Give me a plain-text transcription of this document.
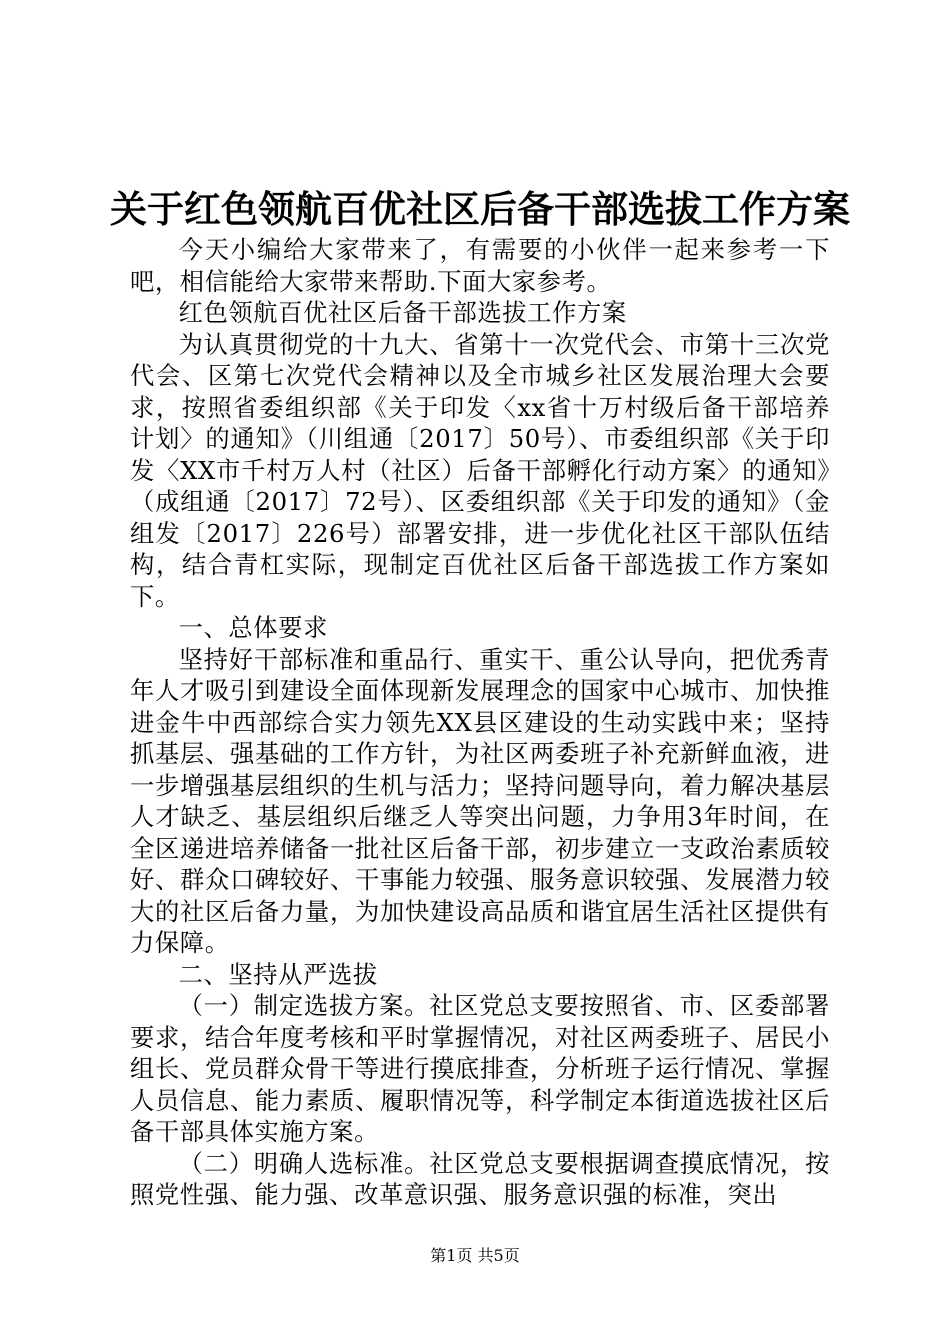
关于红色领航百优社区后备干部选拔工作方案

今天小编给大家带来了，有需要的小伙伴一起来参考一下吧，相信能给大家带来帮助.下面大家参考。

红色领航百优社区后备干部选拔工作方案

为认真贯彻党的十九大、省第十一次党代会、市第十三次党代会、区第七次党代会精神以及全市城乡社区发展治理大会要求，按照省委组织部《关于印发〈xx省十万村级后备干部培养计划〉的通知》（川组通〔2017〕50号）、市委组织部《关于印发〈XX市千村万人村（社区）后备干部孵化行动方案〉的通知》（成组通〔2017〕72号）、区委组织部《关于印发的通知》（金组发〔2017〕226号）部署安排，进一步优化社区干部队伍结构，结合青杠实际，现制定百优社区后备干部选拔工作方案如下。

一、总体要求

坚持好干部标准和重品行、重实干、重公认导向，把优秀青年人才吸引到建设全面体现新发展理念的国家中心城市、加快推进金牛中西部综合实力领先XX县区建设的生动实践中来；坚持抓基层、强基础的工作方针，为社区两委班子补充新鲜血液，进一步增强基层组织的生机与活力；坚持问题导向，着力解决基层人才缺乏、基层组织后继乏人等突出问题，力争用3年时间，在全区递进培养储备一批社区后备干部，初步建立一支政治素质较好、群众口碑较好、干事能力较强、服务意识较强、发展潜力较大的社区后备力量，为加快建设高品质和谐宜居生活社区提供有力保障。

二、坚持从严选拔

（一）制定选拔方案。社区党总支要按照省、市、区委部署要求，结合年度考核和平时掌握情况，对社区两委班子、居民小组长、党员群众骨干等进行摸底排查，分析班子运行情况、掌握人员信息、能力素质、履职情况等，科学制定本街道选拔社区后备干部具体实施方案。

（二）明确人选标准。社区党总支要根据调查摸底情况，按照党性强、能力强、改革意识强、服务意识强的标准，突出

第1页 共5页
